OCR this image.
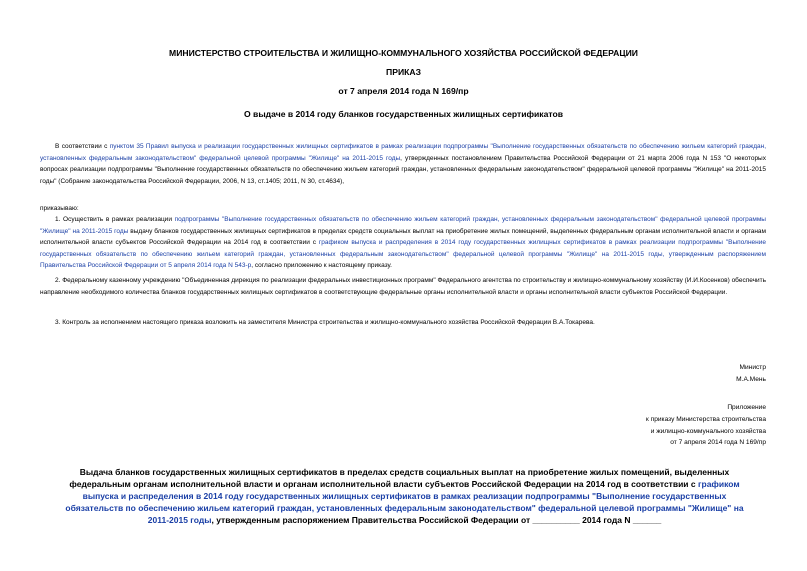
МИНИСТЕРСТВО СТРОИТЕЛЬСТВА И ЖИЛИЩНО-КОММУНАЛЬНОГО ХОЗЯЙСТВА РОССИЙСКОЙ ФЕДЕРАЦИИ
ПРИКАЗ
от 7 апреля 2014 года N 169/пр
О выдаче в 2014 году бланков государственных жилищных сертификатов
В соответствии с пунктом 35 Правил выпуска и реализации государственных жилищных сертификатов в рамках реализации подпрограммы "Выполнение государственных обязательств по обеспечению жильем категорий граждан, установленных федеральным законодательством" федеральной целевой программы "Жилище" на 2011-2015 годы, утвержденных постановлением Правительства Российской Федерации от 21 марта 2006 года N 153 "О некоторых вопросах реализации подпрограммы "Выполнение государственных обязательств по обеспечению жильем категорий граждан, установленных федеральным законодательством" федеральной целевой программы "Жилище" на 2011-2015 годы" (Собрание законодательства Российской Федерации, 2006, N 13, ст.1405; 2011, N 30, ст.4634),
приказываю:
1. Осуществить в рамках реализации подпрограммы "Выполнение государственных обязательств по обеспечению жильем категорий граждан, установленных федеральным законодательством" федеральной целевой программы "Жилище" на 2011-2015 годы выдачу бланков государственных жилищных сертификатов в пределах средств социальных выплат на приобретение жилых помещений, выделенных федеральным органам исполнительной власти и органам исполнительной власти субъектов Российской Федерации на 2014 год в соответствии с графиком выпуска и распределения в 2014 году государственных жилищных сертификатов в рамках реализации подпрограммы "Выполнение государственных обязательств по обеспечению жильем категорий граждан, установленных федеральным законодательством" федеральной целевой программы "Жилище" на 2011-2015 годы, утвержденным распоряжением Правительства Российской Федерации от 5 апреля 2014 года N 543-р, согласно приложению к настоящему приказу.
2. Федеральному казенному учреждению "Объединенная дирекция по реализации федеральных инвестиционных программ" Федерального агентства по строительству и жилищно-коммунальному хозяйству (И.И.Косенков) обеспечить направление необходимого количества бланков государственных жилищных сертификатов в соответствующие федеральные органы исполнительной власти и органы исполнительной власти субъектов Российской Федерации.
3. Контроль за исполнением настоящего приказа возложить на заместителя Министра строительства и жилищно-коммунального хозяйства Российской Федерации В.А.Токарева.
Министр
М.А.Мень
Приложение
к приказу Министерства строительства
и жилищно-коммунального хозяйства
от 7 апреля 2014 года N 169/пр
Выдача бланков государственных жилищных сертификатов в пределах средств социальных выплат на приобретение жилых помещений, выделенных федеральным органам исполнительной власти и органам исполнительной власти субъектов Российской Федерации на 2014 год в соответствии с графиком выпуска и распределения в 2014 году государственных жилищных сертификатов в рамках реализации подпрограммы "Выполнение государственных обязательств по обеспечению жильем категорий граждан, установленных федеральным законодательством" федеральной целевой программы "Жилище" на 2011-2015 годы, утвержденным распоряжением Правительства Российской Федерации от __________ 2014 года N ______
